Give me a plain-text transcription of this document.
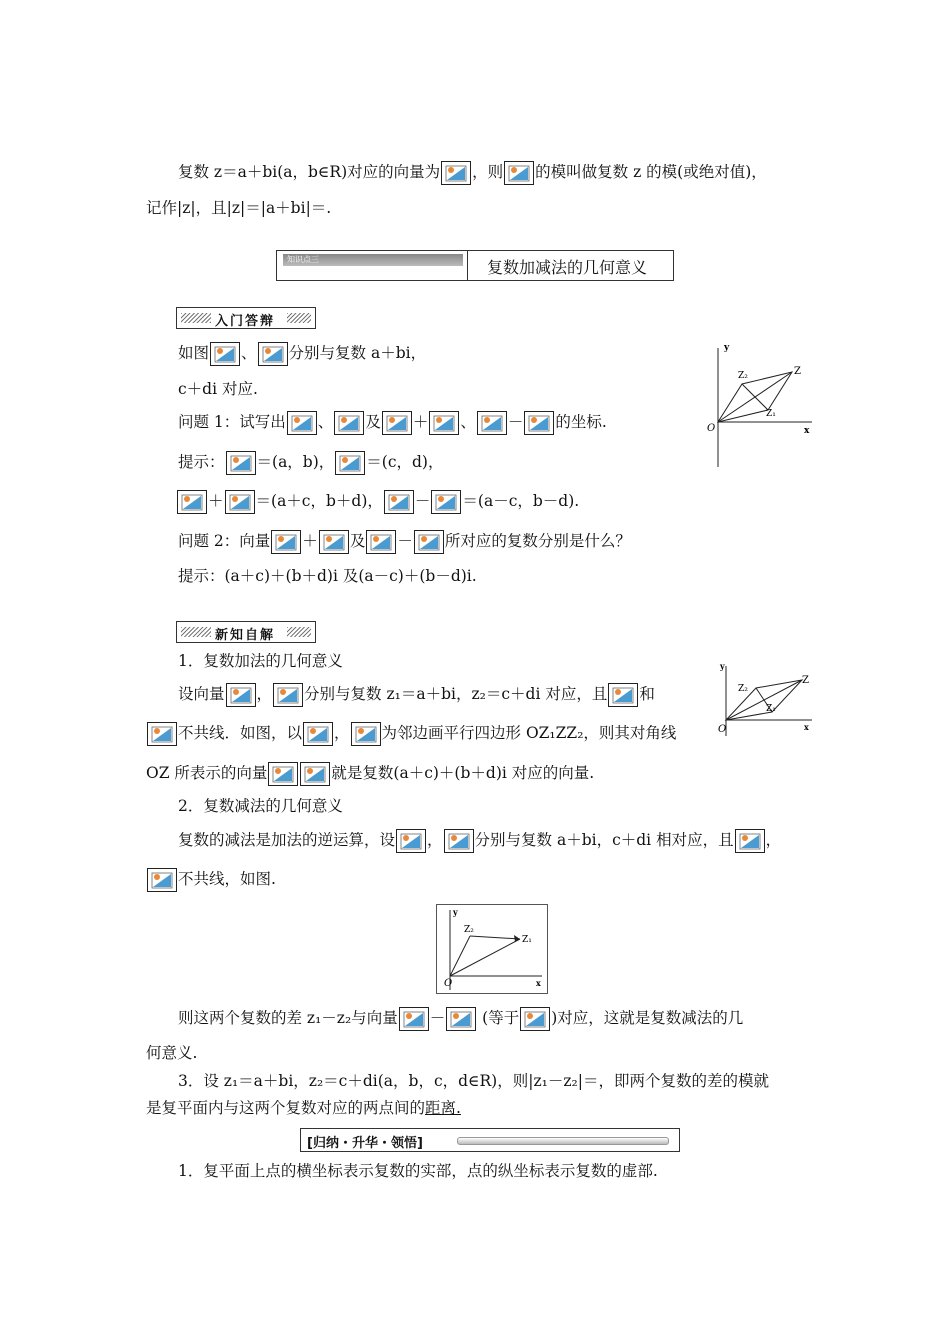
复数 z＝a＋bi(a，b∈R)对应的向量为 ，则 的模叫做复数 z 的模(或绝对值)，
记作|z|，且|z|＝|a＋bi|＝.
知识点三	复数加减法的几何意义
入门答辩
如图 、 分别与复数 a＋bi，
c＋di 对应.
问题 1：试写出 、 及 ＋ 、 － 的坐标.
提示： ＝(a，b)， ＝(c，d)，
＋ ＝(a＋c，b＋d)， － ＝(a－c，b－d).
问题 2：向量 ＋ 及 － 所对应的复数分别是什么？
提示：(a＋c)＋(b＋d)i 及(a－c)＋(b－d)i.
y
x
O
Z
Z₁
Z₂
新知自解
1．复数加法的几何意义
设向量 ， 分别与复数 z₁＝a＋bi，z₂＝c＋di 对应，且 和
不共线．如图，以 ， 为邻边画平行四边形 OZ₁ZZ₂，则其对角线
OZ 所表示的向量	就是复数(a＋c)＋(b＋d)i 对应的向量.
y
x
O
Z
Z₁
Z₂
2．复数减法的几何意义
复数的减法是加法的逆运算，设 ， 分别与复数 a＋bi，c＋di 相对应，且 ，
不共线，如图.
y
x
O
Z₁
Z₂
则这两个复数的差 z₁－z₂与向量 － (等于 )对应，这就是复数减法的几
何意义.
3．设 z₁＝a＋bi，z₂＝c＋di(a，b，c，d∈R)，则|z₁－z₂|＝，即两个复数的差的模就
是复平面内与这两个复数对应的两点间的距离.
[归纳・升华・领悟]
1．复平面上点的横坐标表示复数的实部，点的纵坐标表示复数的虚部.
